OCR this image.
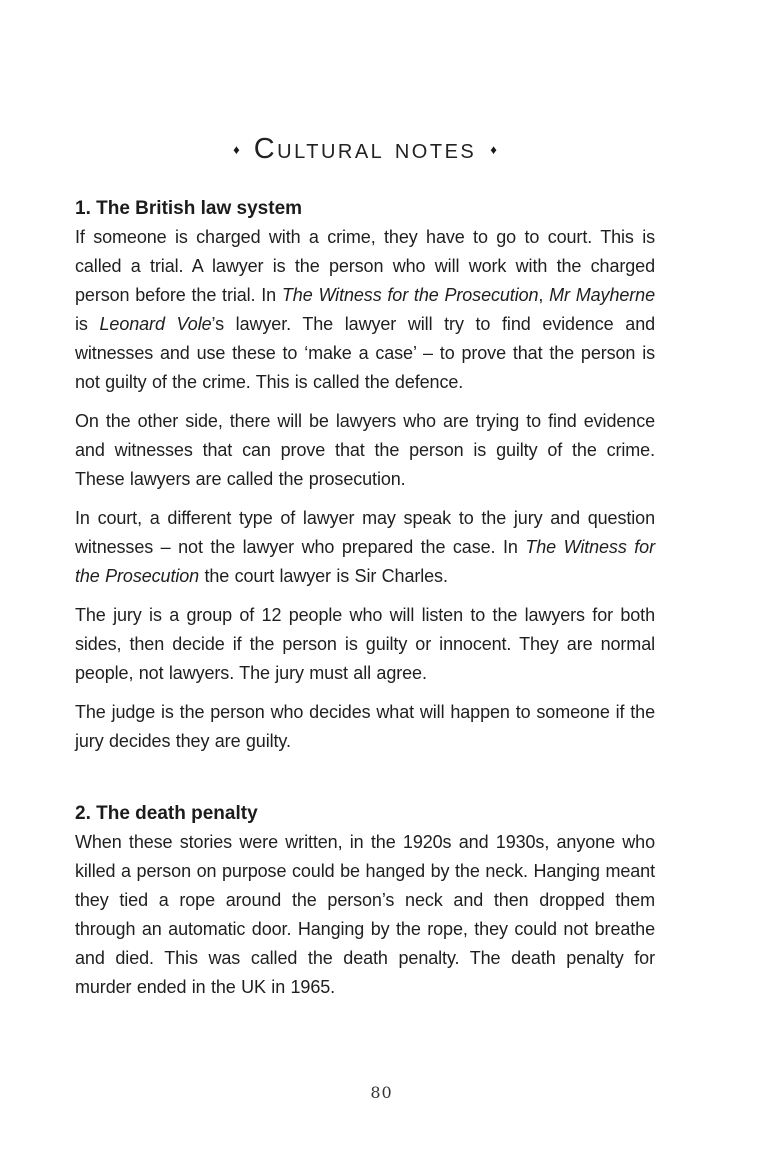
♦ Cultural notes ♦
1. The British law system

If someone is charged with a crime, they have to go to court. This is called a trial. A lawyer is the person who will work with the charged person before the trial. In The Witness for the Prosecution, Mr Mayherne is Leonard Vole’s lawyer. The lawyer will try to find evidence and witnesses and use these to ‘make a case’ – to prove that the person is not guilty of the crime. This is called the defence.

On the other side, there will be lawyers who are trying to find evidence and witnesses that can prove that the person is guilty of the crime. These lawyers are called the prosecution.

In court, a different type of lawyer may speak to the jury and question witnesses – not the lawyer who prepared the case. In The Witness for the Prosecution the court lawyer is Sir Charles.

The jury is a group of 12 people who will listen to the lawyers for both sides, then decide if the person is guilty or innocent. They are normal people, not lawyers. The jury must all agree.

The judge is the person who decides what will happen to someone if the jury decides they are guilty.

2. The death penalty

When these stories were written, in the 1920s and 1930s, anyone who killed a person on purpose could be hanged by the neck. Hanging meant they tied a rope around the person’s neck and then dropped them through an automatic door. Hanging by the rope, they could not breathe and died. This was called the death penalty. The death penalty for murder ended in the UK in 1965.

80
